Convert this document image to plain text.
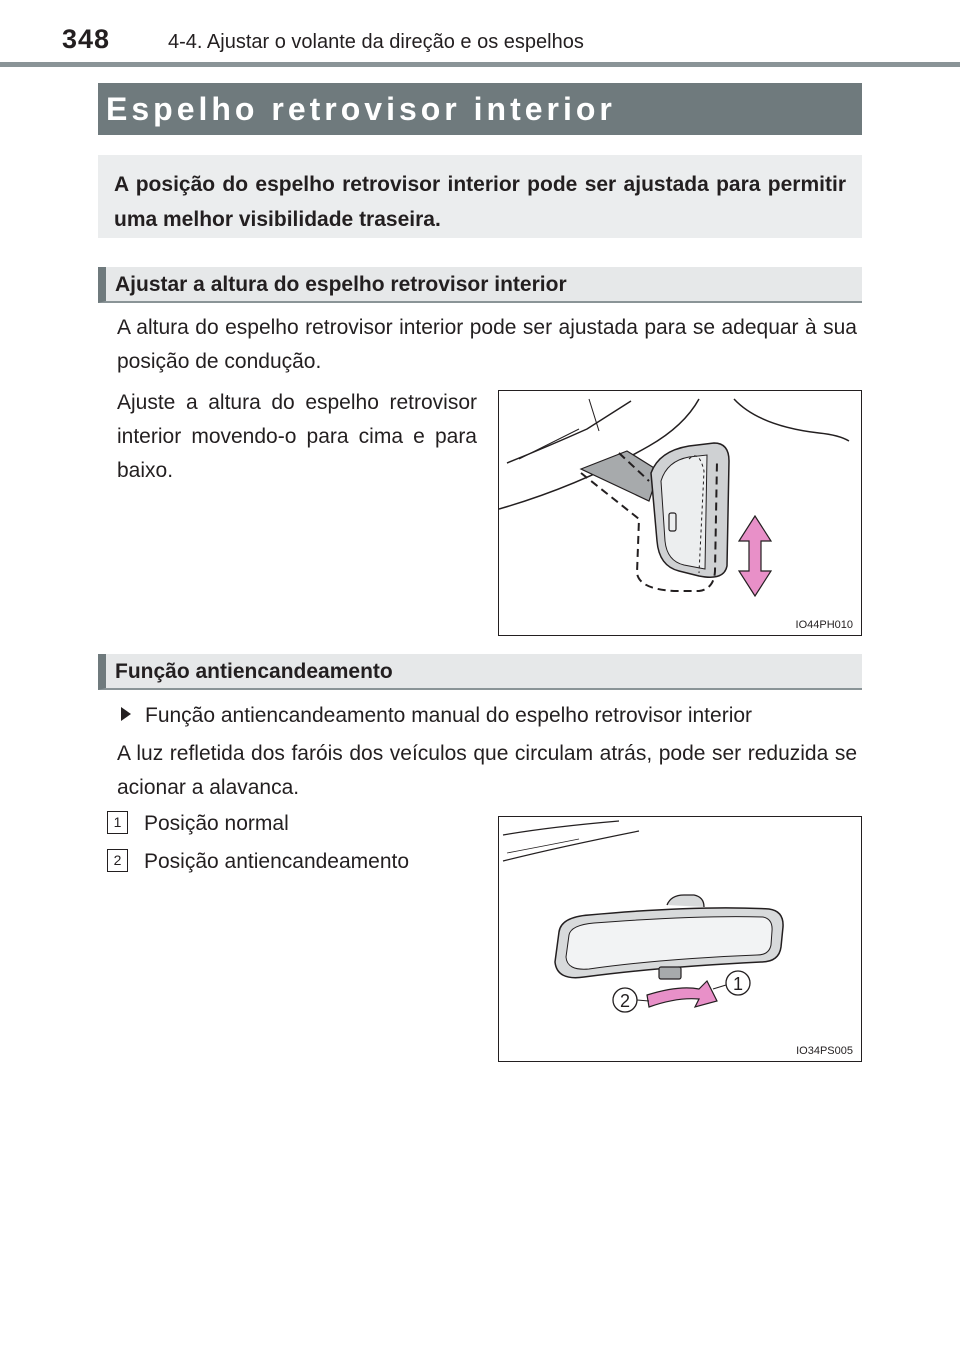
348	4-4. Ajustar o volante da direção e os espelhos
Espelho retrovisor interior
A posição do espelho retrovisor interior pode ser ajustada para permitir uma melhor visibilidade traseira.
Ajustar a altura do espelho retrovisor interior
A altura do espelho retrovisor interior pode ser ajustada para se adequar à sua posição de condução.
Ajuste a altura do espelho retrovisor interior movendo-o para cima e para baixo.
IO44PH010
Função antiencandeamento
Função antiencandeamento manual do espelho retrovisor interior
A luz refletida dos faróis dos veículos que circulam atrás, pode ser reduzida se acionar a alavanca.
1 Posição normal
2 Posição antiencandeamento
1
2
IO34PS005
